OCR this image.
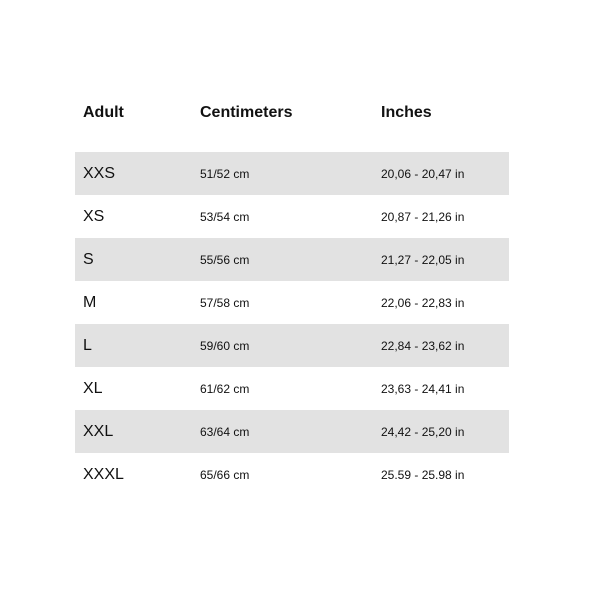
Adult	Centimeters	Inches
XXS	51/52 cm	20,06 - 20,47 in
XS	53/54 cm	20,87 - 21,26 in
S	55/56 cm	21,27 - 22,05 in
M	57/58 cm	22,06 - 22,83 in
L	59/60 cm	22,84 - 23,62 in
XL	61/62 cm	23,63 - 24,41 in
XXL	63/64 cm	24,42 - 25,20 in
XXXL	65/66 cm	25.59 - 25.98 in
